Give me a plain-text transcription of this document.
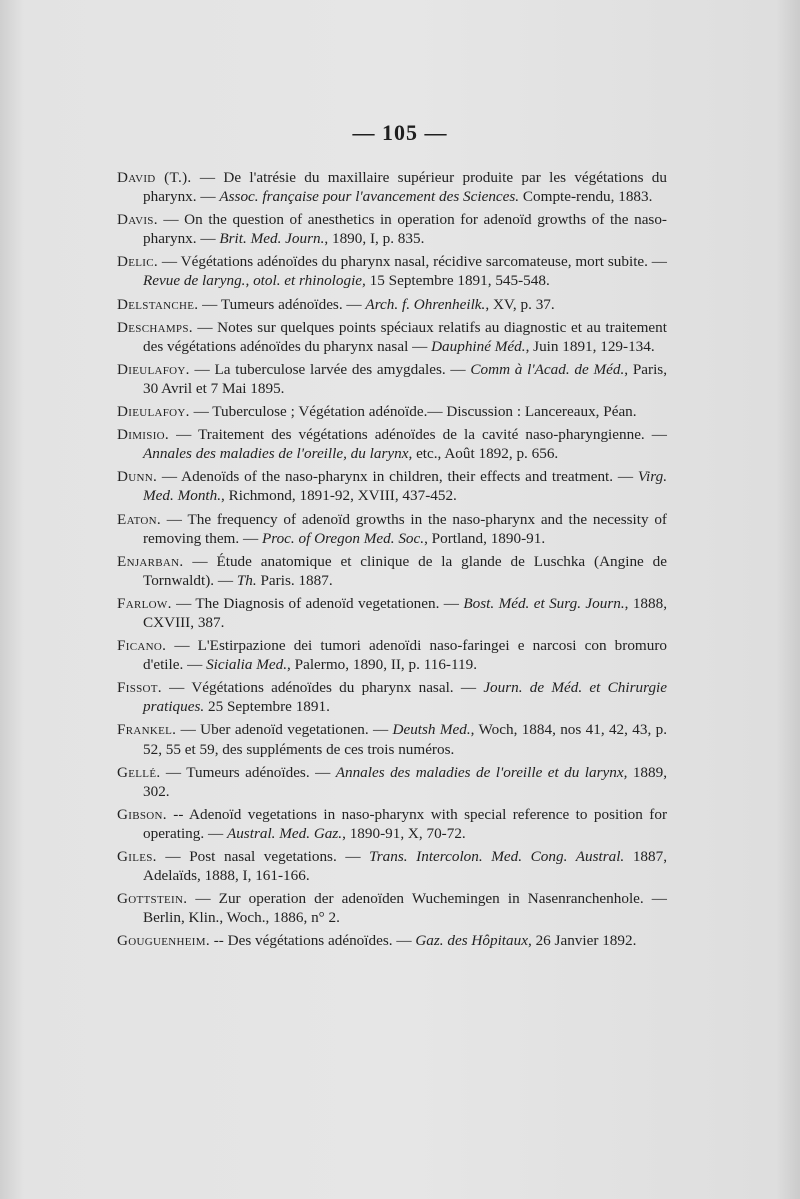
— 105 —
David (T.). — De l'atrésie du maxillaire supérieur produite par les végétations du pharynx. — Assoc. française pour l'avancement des Sciences. Compte-rendu, 1883.
Davis. — On the question of anesthetics in operation for adenoïd growths of the naso-pharynx. — Brit. Med. Journ., 1890, I, p. 835.
Delic. — Végétations adénoïdes du pharynx nasal, récidive sarcomateuse, mort subite. — Revue de laryng., otol. et rhinologie, 15 Septembre 1891, 545-548.
Delstanche. — Tumeurs adénoïdes. — Arch. f. Ohrenheilk., XV, p. 37.
Deschamps. — Notes sur quelques points spéciaux relatifs au diagnostic et au traitement des végétations adénoïdes du pharynx nasal — Dauphiné Méd., Juin 1891, 129-134.
Dieulafoy. — La tuberculose larvée des amygdales. — Comm à l'Acad. de Méd., Paris, 30 Avril et 7 Mai 1895.
Dieulafoy. — Tuberculose ; Végétation adénoïde.— Discussion : Lancereaux, Péan.
Dimisio. — Traitement des végétations adénoïdes de la cavité naso-pharyngienne. — Annales des maladies de l'oreille, du larynx, etc., Août 1892, p. 656.
Dunn. — Adenoïds of the naso-pharynx in children, their effects and treatment. — Virg. Med. Month., Richmond, 1891-92, XVIII, 437-452.
Eaton. — The frequency of adenoïd growths in the naso-pharynx and the necessity of removing them. — Proc. of Oregon Med. Soc., Portland, 1890-91.
Enjarban. — Étude anatomique et clinique de la glande de Luschka (Angine de Tornwaldt). — Th. Paris. 1887.
Farlow. — The Diagnosis of adenoïd vegetationen. — Bost. Méd. et Surg. Journ., 1888, CXVIII, 387.
Ficano. — L'Estirpazione dei tumori adenoïdi naso-faringei e narcosi con bromuro d'etile. — Sicialia Med., Palermo, 1890, II, p. 116-119.
Fissot. — Végétations adénoïdes du pharynx nasal. — Journ. de Méd. et Chirurgie pratiques. 25 Septembre 1891.
Frankel. — Uber adenoïd vegetationen. — Deutsh Med., Woch, 1884, nos 41, 42, 43, p. 52, 55 et 59, des suppléments de ces trois numéros.
Gellé. — Tumeurs adénoïdes. — Annales des maladies de l'oreille et du larynx, 1889, 302.
Gibson. -- Adenoïd vegetations in naso-pharynx with special reference to position for operating. — Austral. Med. Gaz., 1890-91, X, 70-72.
Giles. — Post nasal vegetations. — Trans. Intercolon. Med. Cong. Austral. 1887, Adelaïds, 1888, I, 161-166.
Gottstein. — Zur operation der adenoïden Wuchemingen in Nasenranchenhole. — Berlin, Klin., Woch., 1886, n° 2.
Gouguenheim. -- Des végétations adénoïdes. — Gaz. des Hôpitaux, 26 Janvier 1892.
